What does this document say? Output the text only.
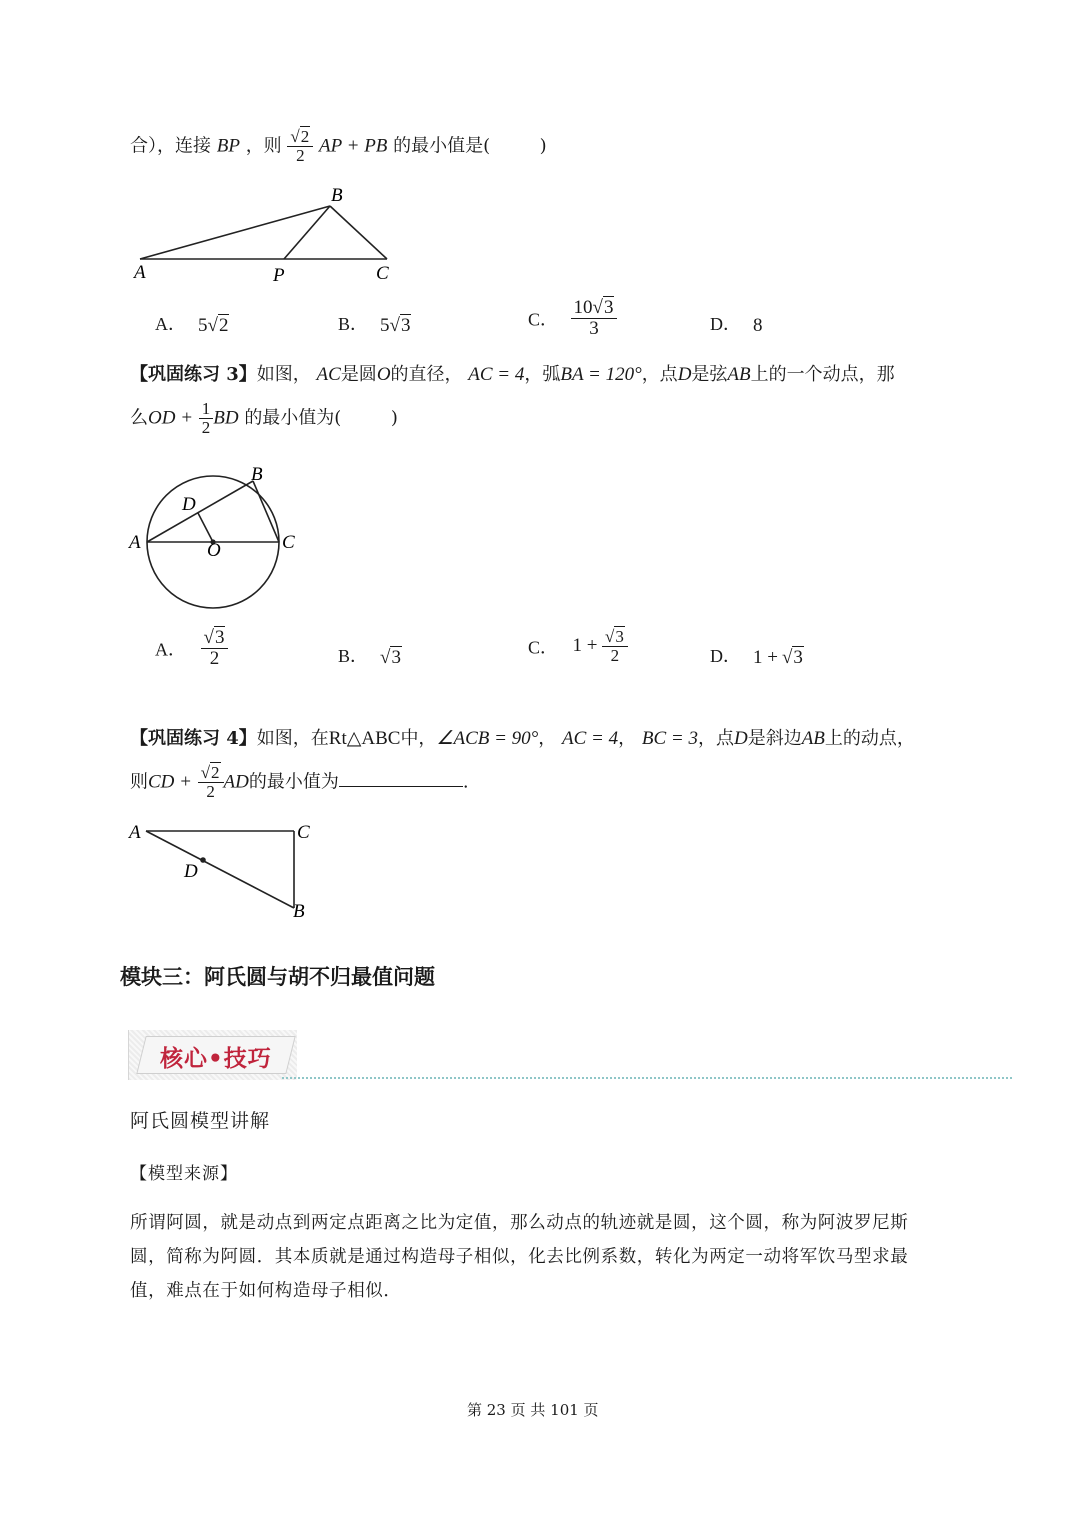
合），连接 BP ，则 $\frac{√2}{2}$ AP + PB 的最小值是(	)
A
B
C
P
A． 5√2	B． 5√3	C． $\frac{10√3}{3}$	D． 8
【巩固练习 3】如图， AC是圆O的直径， AC = 4，弧BA = 120°，点D是弦AB上的一个动点，那
么OD + $\frac{1}{2}$ BD 的最小值为(	)
A
B
C
D
O
A． $\frac{√3}{2}$	B． √3	C． $1 + \frac{√3}{2}$	D． 1 + √3
【巩固练习 4】如图，在Rt△ABC中，∠ACB = 90°， AC = 4， BC = 3，点D是斜边AB上的动点，
则CD + $\frac{√2}{2}$ AD的最小值为	.
A	C
B
D
模块三：阿氏圆与胡不归最值问题
核心•技巧
阿氏圆模型讲解
【模型来源】
所谓阿圆，就是动点到两定点距离之比为定值，那么动点的轨迹就是圆，这个圆，称为阿波罗尼斯
圆，简称为阿圆．其本质就是通过构造母子相似，化去比例系数，转化为两定一动将军饮马型求最
值，难点在于如何构造母子相似．
第 23 页 共 101 页
